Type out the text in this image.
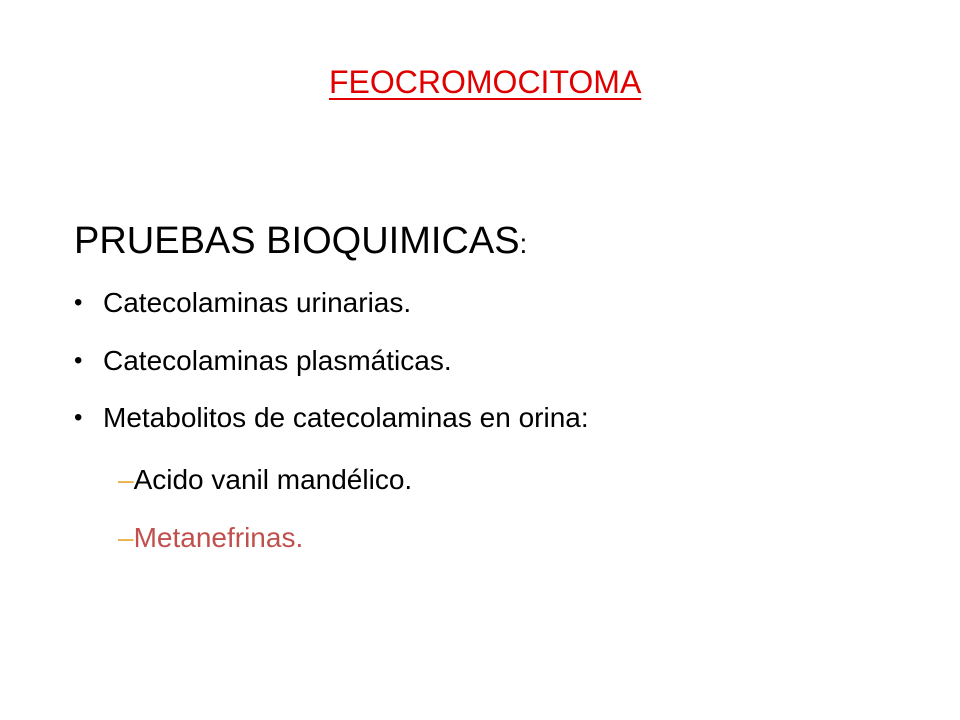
FEOCROMOCITOMA
PRUEBAS BIOQUIMICAS:
• Catecolaminas urinarias.
• Catecolaminas plasmáticas.
• Metabolitos de catecolaminas en orina:
–Acido vanil mandélico.
–Metanefrinas.
